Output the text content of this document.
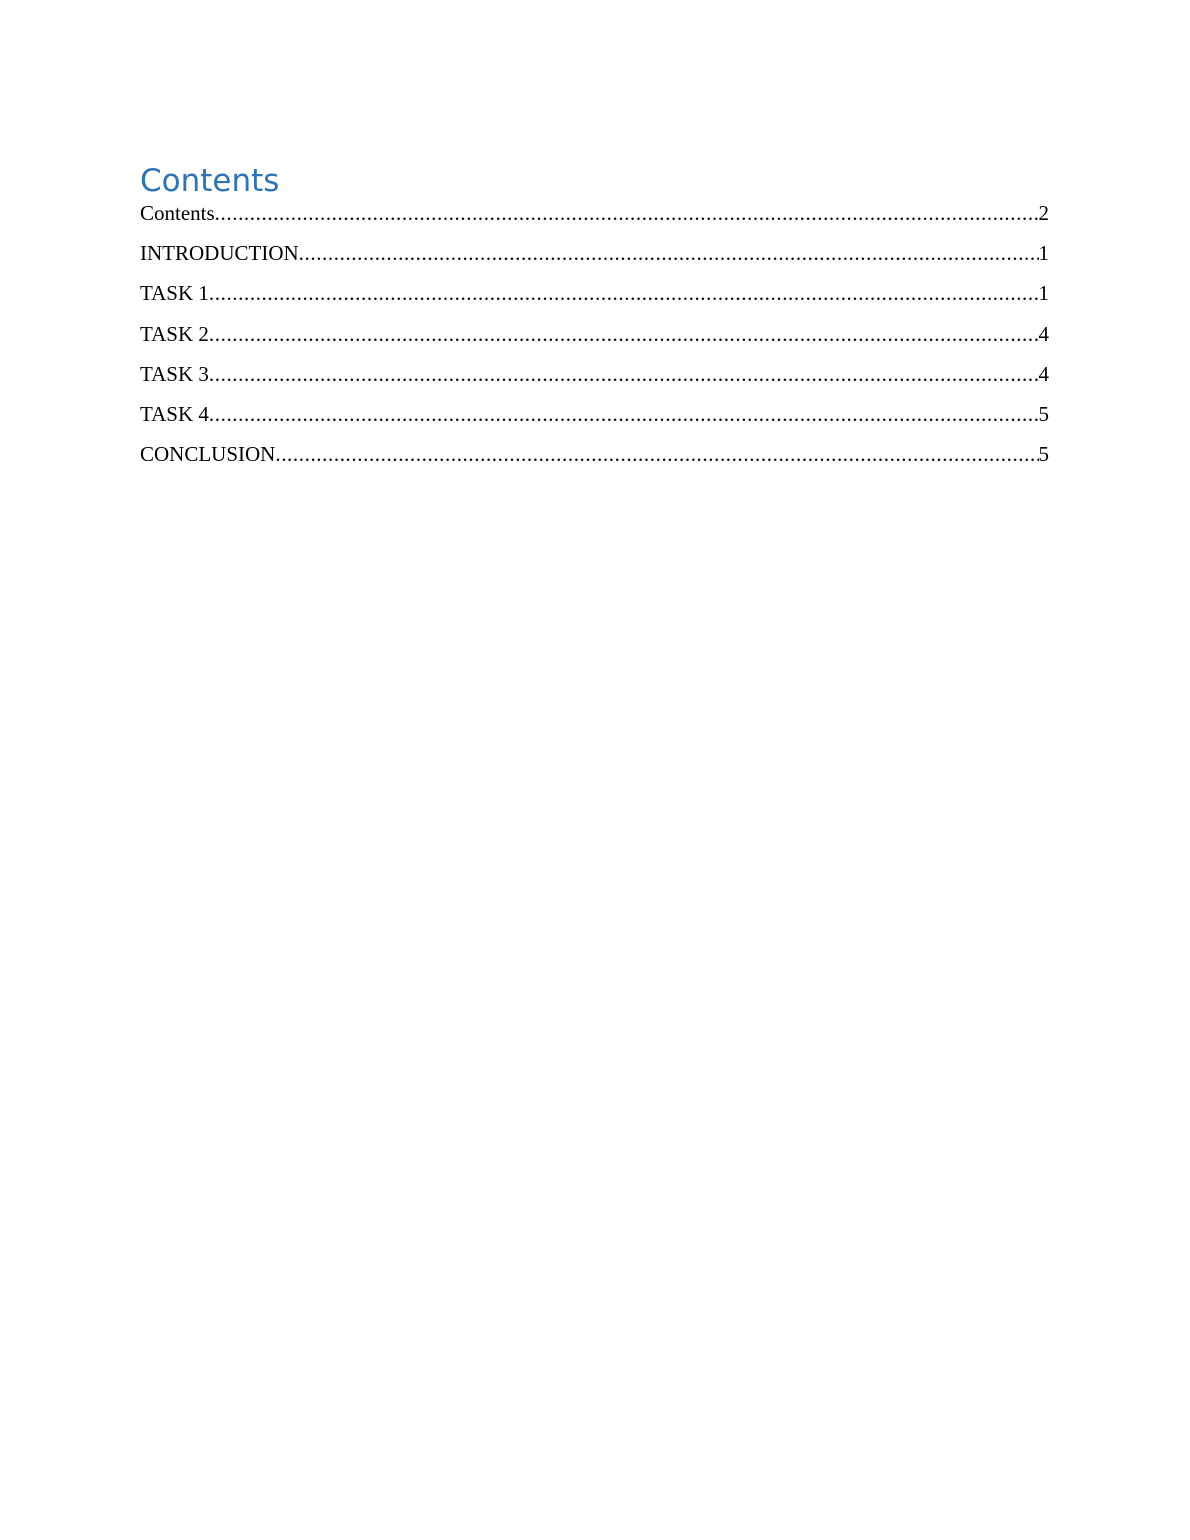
Contents
Contents .....	2
INTRODUCTION .....	1
TASK 1 .....	1
TASK 2 .....	4
TASK 3 .....	4
TASK 4 .....	5
CONCLUSION .....	5
